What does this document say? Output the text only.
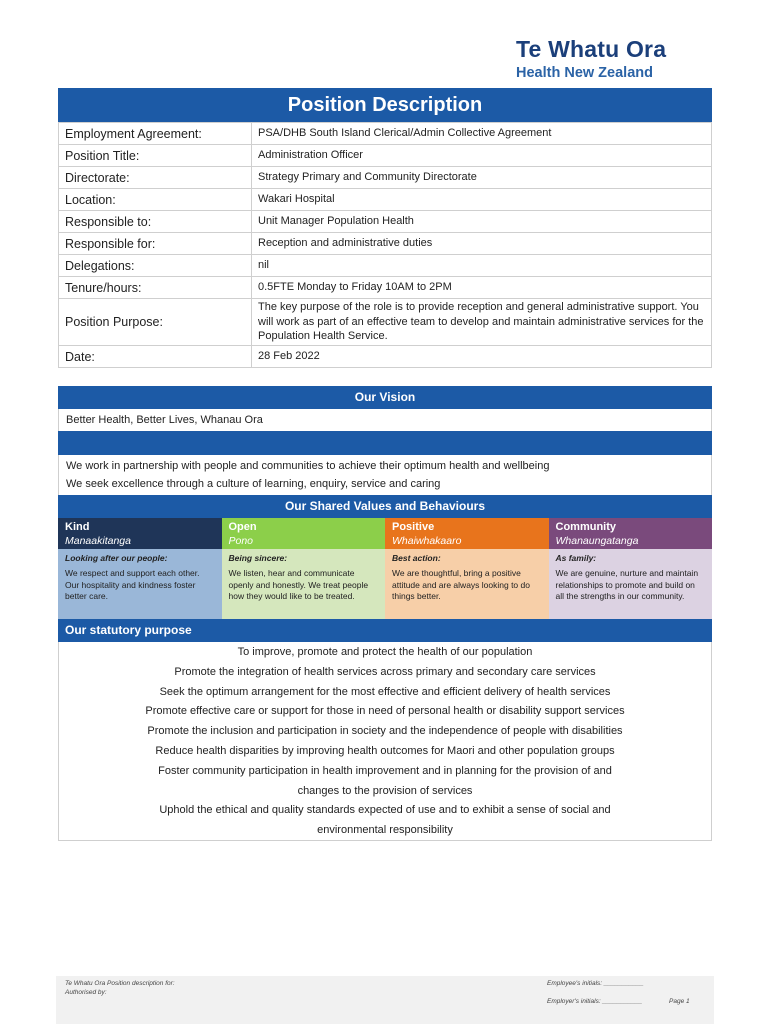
Te Whatu Ora
Health New Zealand
Position Description
Employment Agreement:	PSA/DHB South Island Clerical/Admin Collective Agreement
Position Title:	Administration Officer
Directorate:	Strategy Primary and Community Directorate
Location:	Wakari Hospital
Responsible to:	Unit Manager Population Health
Responsible for:	Reception and administrative duties
Delegations:	nil
Tenure/hours:	0.5FTE Monday to Friday 10AM to 2PM
Position Purpose:	The key purpose of the role is to provide reception and general administrative support. You will work as part of an effective team to develop and maintain administrative services for the Population Health Service.
Date:	28 Feb 2022
Our Vision
Better Health, Better Lives, Whanau Ora
We work in partnership with people and communities to achieve their optimum health and wellbeing
We seek excellence through a culture of learning, enquiry, service and caring
Our Shared Values and Behaviours
Kind
Manaakitanga
Looking after our people:
We respect and support each other. Our hospitality and kindness foster better care.
Open
Pono
Being sincere:
We listen, hear and communicate openly and honestly. We treat people how they would like to be treated.
Positive
Whaiwhakaaro
Best action:
We are thoughtful, bring a positive attitude and are always looking to do things better.
Community
Whanaungatanga
As family:
We are genuine, nurture and maintain relationships to promote and build on all the strengths in our community.
Our statutory purpose
To improve, promote and protect the health of our population
Promote the integration of health services across primary and secondary care services
Seek the optimum arrangement for the most effective and efficient delivery of health services
Promote effective care or support for those in need of personal health or disability support services
Promote the inclusion and participation in society and the independence of people with disabilities
Reduce health disparities by improving health outcomes for Maori and other population groups
Foster community participation in health improvement and in planning for the provision of and
changes to the provision of services
Uphold the ethical and quality standards expected of use and to exhibit a sense of social and
environmental responsibility
Te Whatu Ora Position description for:
Authorised by:
Employee's initials: ___________
Employer's initials: ___________	Page 1
